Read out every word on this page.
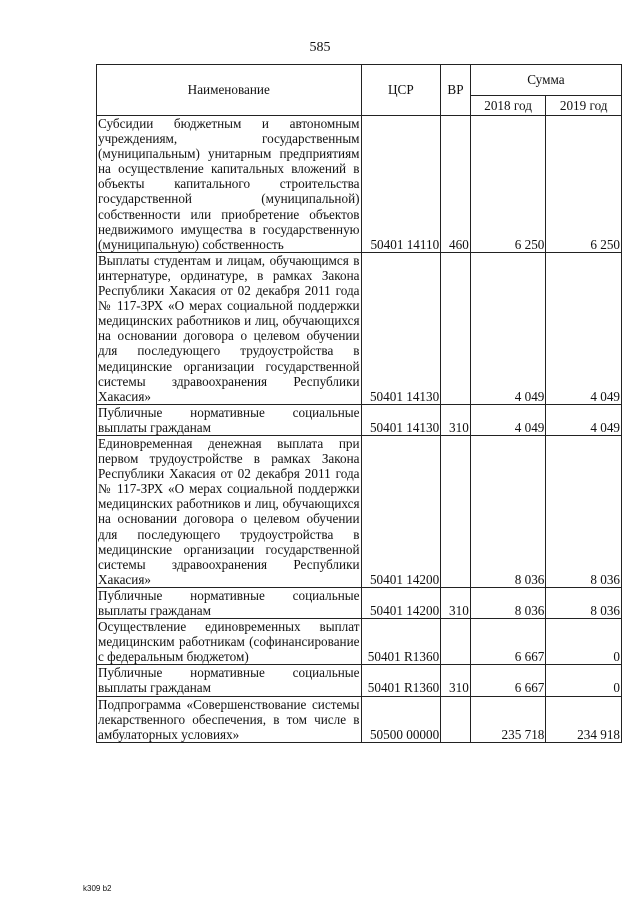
585
Наименование	ЦСР	ВР	Сумма	
			2018 год	2019 год
Субсидии бюджетным и автономным учреждениям, государственным (муниципальным) унитарным предприятиям на осуществление капитальных вложений в объекты капитального строительства государственной (муниципальной) собственности или приобретение объектов недвижимого имущества в государственную (муниципальную) собственность	50401 14110	460	6 250	6 250
Выплаты студентам и лицам, обучающимся в интернатуре, ординатуре, в рамках Закона Республики Хакасия от 02 декабря 2011 года № 117-ЗРХ «О мерах социальной поддержки медицинских работников и лиц, обучающихся на основании договора о целевом обучении для последующего трудоустройства в медицинские организации государственной системы здравоохранения Республики Хакасия»	50401 14130		4 049	4 049
Публичные нормативные социальные выплаты гражданам	50401 14130	310	4 049	4 049
Единовременная денежная выплата при первом трудоустройстве в рамках Закона Республики Хакасия от 02 декабря 2011 года № 117-ЗРХ «О мерах социальной поддержки медицинских работников и лиц, обучающихся на основании договора о целевом обучении для последующего трудоустройства в медицинские организации государственной системы здравоохранения Республики Хакасия»	50401 14200		8 036	8 036
Публичные нормативные социальные выплаты гражданам	50401 14200	310	8 036	8 036
Осуществление единовременных выплат медицинским работникам (софинансирование с федеральным бюджетом)	50401 R1360		6 667	0
Публичные нормативные социальные выплаты гражданам	50401 R1360	310	6 667	0
Подпрограмма «Совершенствование системы лекарственного обеспечения, в том числе в амбулаторных условиях»	50500 00000		235 718	234 918
k309 b2
